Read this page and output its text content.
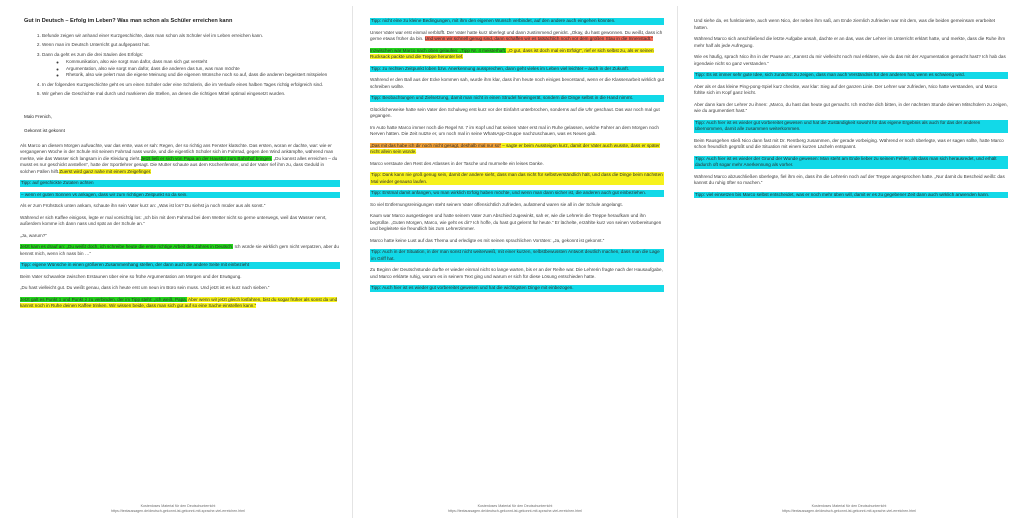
Gut in Deutsch – Erfolg im Leben? Was man schon als Schüler erreichen kann
1. Befunde zeigen wir anhand einer Kurzgeschichte, dass man schon als Schüler viel im Leben erreichen kann.
2. Wenn man im Deutsch Unterricht gut aufgepasst hat.
3. Dann da geht es zum die drei Säulen des Erfolgs:
◦ Kommunikation, also wie sorgt man dafür, dass man sich gut versteht
◦ Argumentation, also wie sorgt man dafür, dass die anderen das tun, was man möchte
◦ Rhetorik, also wie pelert man die eigene Meinung und die eigenen Wünsche noch so auf, dass die anderen begeistert mitspielen
4. In der folgenden Kurzgeschichte geht es um einen Schüler oder eine Schülerin, die im Verlaufe eines halben Tages richtig erfolgreich sind.
5. Wir gehen die Geschichte mal durch und markieren die Stellen, an denen die richtigen Mittel optimal eingesetzt wurden.
Malo Frenich,
Gekonnt ist gekonnt
Als Marco an diesem Morgen aufwachte, war das erste, was er sah: Regen, der so richtig ans Fenster klatschte. Das ersten, woran er dachte, war: wie er vergangenen Woche in der Schule mit seinem Fahrrad nass wurde, und die eigentlich Schüler sich im Fahrrad, gegen den Wind ankämpfte, während man merkte, wie das Wasser sich langsam in die Kleidung zieht.Jetzt ließ er sich von Papa an der Haustür zum Bahnhof bringen. „Du kannst alles erreichen – du musst es nur geschickt anstellen“, hatte der Sportlehrer gesagt. Die Mutter schaute aus dem Küchenfenster, und der Vater rief ihm zu, dass Geduld in solchen Fällen hilft.Zuerst wird ganz nahe mit einem Zeigefinger.
Tipp: auf geschickte Zutaten achten
– wenn er guten Sonnen vs ankagen, dass wir zum richtigen Zeitpunkt so da sein.
Als er zum Frühstück unten ankam, schaute ihn sein Vater kurz an: „Was ist los? Du siehst ja noch müder aus als sonst.“
Während er sich Kaffee einigoss, legte er mal vorsichtig los: „Ich bin mit dem Fahrrad bei dem Wetter nicht so gerne unterwegs, weil das Wasser nervt, außerdem komme ich dann nass und spät an der Schule an.“
„Ja, warum?“
Jetzt kam es drauf an: „Du weißt doch, ich schreibe heute die erste richtige Arbeit des Jahres in Deutsch. Ich würde sie wirklich gern nicht verpatzen, aber du kennst mich, wenn ich nass bin …“
Tipp: eigene Wünsche in einen größeren Zusammenhang stellen, der dann auch die andere Seite mit einbezieht
Beim Vater schwankte zwischen Erstaunen über eine so frühe Argumentation am Morgen und der Erwägung.
„Du hast vielleicht gut. Du weißt genau, dass ich heute erst um neun im Büro sein muss. Und jetzt ist es kurz nach sieben.“
Jetzt galt es Punkt 1 und Punkt 2 zu verbinden, der im Tipp steht: „Ich weiß, Papa. Aber wenn wir jetzt gleich losfahren, bist du sogar früher als sonst da und kannst noch in Ruhe deinen Kaffee trinken. Wir wissen beide, dass man sich gut auf so eine Sache einstellen kann.“
Kostenloses Material für den Deutschunterricht
https://textaussagen.de/deutsch-gekonnt-ist-gekonnt-mit-sprache-viel-erreichen.html
Tipp: nicht eine zu kleine Bedingungen, mit ihm den eigenen Wunsch verbindet, auf den andere auch eingehen könnten.
Unser Vater war erst einmal verblüfft. Der Vater hatte kurz überlegt und dann zustimmend genickt. „Okay, du hast gewonnen. Du weißt, dass ich gerne etwas früher da bin. Und wenn wir schnell genug sind, dann schaffen wir es tatsächlich noch vor dem großen Stau in die Innenstadt.“
Inzwischen war Marco nach oben gelaufen: „Tipp Nr. 4 meisterhaft. „O gut, dass ist doch mal ein Erfolg!“, rief er sich selbst zu, als er seinen Rucksack packte und die Treppe herunter lief.
Tipp: zu rechten Zeitpunkt loben bzw. Anerkennung aussprechen, dann geht vieles im Leben viel leichter – auch in der Zukunft.
Während er den Ball aus der Ecke kommen sah, wurde ihm klar, dass ihm heute noch einiges bevorstand, wenn er die Klassenarbeit wirklich gut schreiben wollte.
Tipp: Beobachtungen und Zielsetzung, damit man nicht in einen Strudel hineingerät, sondern die Dinge selbst in die Hand nimmt.
Glücklicherweise hatte sein Vater den Schulweg erst kurz vor der Einfahrt unterbrochen, sonderns auf die Uhr geschaut. Das war noch mal gut gegangen.
Im Auto hatte Marco immer noch die Regel Nr. 7 im Kopf und hat seinen Vater erst mal in Ruhe gelassen, welche Fahrer an dem Morgen noch Nerven hätten. Die Zeit nutzte er, um noch mal in seine WhatsApp-Gruppe nachzuschauen, was es Neues gab.
„Das mit das habe ich dir noch nicht gesagt, deshalb mal nur so“ – sagte er beim Aussteigen kurz, damit der Vater auch wusste, dass er später nicht allein sein würde.
Marco verstaute den Rest des Atlasses in der Tasche und murmelte ein leises Danke.
Tipp: Dank kann nie groß genug sein, damit der andere sieht, dass man das nicht für selbstverständlich hält, und dass die Dinge beim nächsten Mal wieder genauso laufen.
Tipp: Erstmal damit anfangen, wo man wirklich Erfolg haben möchte, und wenn man dann sicher ist, die anderen auch gut einbeziehen.
So viel Entfernungsreinigungen steht seinem Vater offensichtlich zufrieden, aufatmend waren sie all in der Schule angelangt.
Kaum war Marco ausgestiegen und hatte seinem Vater zum Abschied zugewinkt, sah er, wie die Lehrerin die Treppe heraufkam und ihn begrüßte. „Guten Morgen, Marco, wie geht es dir? Ich hoffe, du hast gut gelernt für heute.“ Er lächelte, erzählte kurz von seinen Vorbereitungen und begleitete sie freundlich bis zum Lehrerzimmer.
Marco hatte keine Lust auf das Thema und erledigte es mit seinen sprachlichen Vorräten: „Ja, gekonnt ist gekonnt.“
Tipp: Auch in der Situation, in der man sonst nicht weiterweiß, mit einer kurzen, selbstbewussten Antwort deutlich machen, dass man die Lage im Griff hat.
Zu Beginn der Deutschstunde durfte er wieder einmal nicht so lange warten, bis er an der Reihe war. Die Lehrerin fragte nach der Hausaufgabe, und Marco erklärte ruhig, worum es in seinem Text ging und warum er sich für diese Lösung entschieden hatte.
Tipp: Auch hier ist es wieder gut vorbereitet gewesen und hat die wichtigsten Dinge mit einbezogen.
Kostenloses Material für den Deutschunterricht
https://textaussagen.de/deutsch-gekonnt-ist-gekonnt-mit-sprache-viel-erreichen.html
Und siehe da, es funktionierte, auch wenn Nico, der neben ihm saß, am Ende ziemlich zufrieden war mit dem, was die beiden gemeinsam erarbeitet hatten.
Während Marco sich anschließend die letzte Aufgabe ansah, dachte er an das, was der Lehrer im Unterricht erklärt hatte, und merkte, dass die Ruhe ihm mehr half als jede Aufregung.
Wie es häufig, sprach Nico ihn in der Pause an: „Kannst du mir vielleicht noch mal erklären, wie du das mit der Argumentation gemacht hast? Ich hab das irgendwie nicht so ganz verstanden.“
Tipp: Es ist immer sehr gute Idee, sich zunächst zu zeigen, dass man auch Verständnis für den anderen hat, wenn es schwierig wird.
Aber als er das kleine Ping-pong-Spiel kurz checkte, war klar: Sieg auf der ganzen Linie. Der Lehrer war zufrieden, Nico hatte verstanden, und Marco fühlte sich im Kopf ganz leicht.
Aber dann kam der Lehrer zu ihnen: „Marco, du hast das heute gut gemacht. Ich möchte dich bitten, in der nächsten Stunde deinen Mitschülern zu zeigen, wie du argumentiert hast.“
Tipp: Auch hier ist es wieder gut vorbereitet gewesen und hat die Zuständigkeit sowohl für das eigene Ergebnis als auch für das der anderen übernommen, damit alle zusammen weiterkommen.
Beim Rausgehen stieß Nico dann fast mit Dr. Rentberg zusammen, der gerade vorbeiging. Während er noch überlegte, was er sagen sollte, hatte Marco schon freundlich gegrüßt und die Situation mit einem kurzen Lächeln entspannt.
Tipp: Auch hier ist es wieder der Grund der Wunde gewesen: Man steht am Ende lieber zu seinem Fehler, als dass man sich herausredet, und erhält dadurch oft sogar mehr Anerkennung als vorher.
Während Marco abzuschließen überlegte, fiel ihm ein, dass ihn die Lehrerin noch auf der Treppe angesprochen hatte. „Nur damit du Bescheid weißt: das kannst du ruhig öfter so machen.“
Tipp: viel einsetzen bis Marco selbst entscheidet, was er noch mehr üben will, damit er es zu gegebener Zeit dann auch wirklich anwenden kann.
Kostenloses Material für den Deutschunterricht
https://textaussagen.de/deutsch-gekonnt-ist-gekonnt-mit-sprache-viel-erreichen.html
